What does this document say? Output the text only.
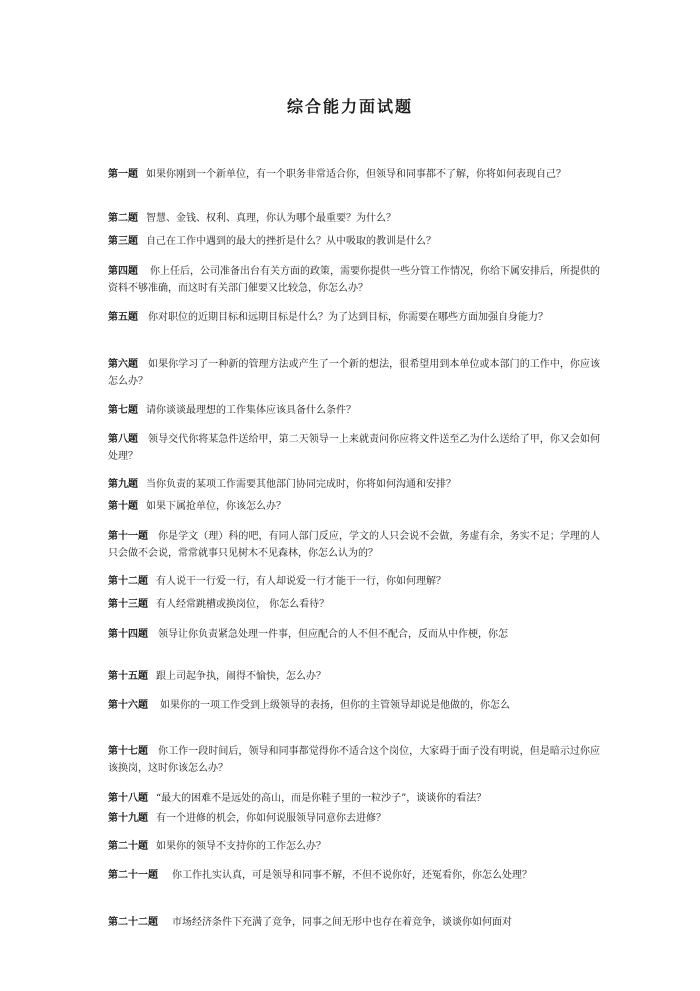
综合能力面试题

第一题 如果你刚到一个新单位，有一个职务非常适合你，但领导和同事都不了解，你将如何表现自己？

第二题 智慧、金钱、权利、真理，你认为哪个最重要？为什么？

第三题 自己在工作中遇到的最大的挫折是什么？从中吸取的教训是什么？

第四题 你上任后，公司准备出台有关方面的政策，需要你提供一些分管工作情况，你给下属安排后，所提供的资料不够准确，而这时有关部门催要又比较急，你怎么办？

第五题 你对职位的近期目标和远期目标是什么？为了达到目标，你需要在哪些方面加强自身能力？

第六题 如果你学习了一种新的管理方法或产生了一个新的想法，很希望用到本单位或本部门的工作中，你应该怎么办？

第七题 请你谈谈最理想的工作集体应该具备什么条件？

第八题 领导交代你将某急件送给甲，第二天领导一上来就责问你应将文件送至乙为什么送给了甲，你又会如何处理？

第九题 当你负责的某项工作需要其他部门协同完成时，你将如何沟通和安排？

第十题 如果下属抢单位，你该怎么办？

第十一题 你是学文（理）科的吧，有同人部门反应，学文的人只会说不会做，务虚有余，务实不足；学理的人只会做不会说，常常就事只见树木不见森林，你怎么认为的？

第十二题 有人说干一行爱一行，有人却说爱一行才能干一行，你如何理解？

第十三题 有人经常跳槽或换岗位， 你怎么看待？

第十四题 领导让你负责紧急处理一件事，但应配合的人不但不配合，反而从中作梗，你怎

第十五题 跟上司起争执，闹得不愉快，怎么办？

第十六题 如果你的一项工作受到上级领导的表扬，但你的主管领导却说是他做的，你怎么

第十七题 你工作一段时间后，领导和同事都觉得你不适合这个岗位，大家碍于面子没有明说，但是暗示过你应该换岗，这时你该怎么办？

第十八题 “最大的困难不是远处的高山，而是你鞋子里的一粒沙子”，谈谈你的看法？

第十九题 有一个进修的机会，你如何说服领导同意你去进修？

第二十题 如果你的领导不支持你的工作怎么办？

第二十一题 你工作扎实认真，可是领导和同事不解，不但不说你好，还冤看你，你怎么处理？

第二十二题 市场经济条件下充满了竞争，同事之间无形中也存在着竞争，谈谈你如何面对
